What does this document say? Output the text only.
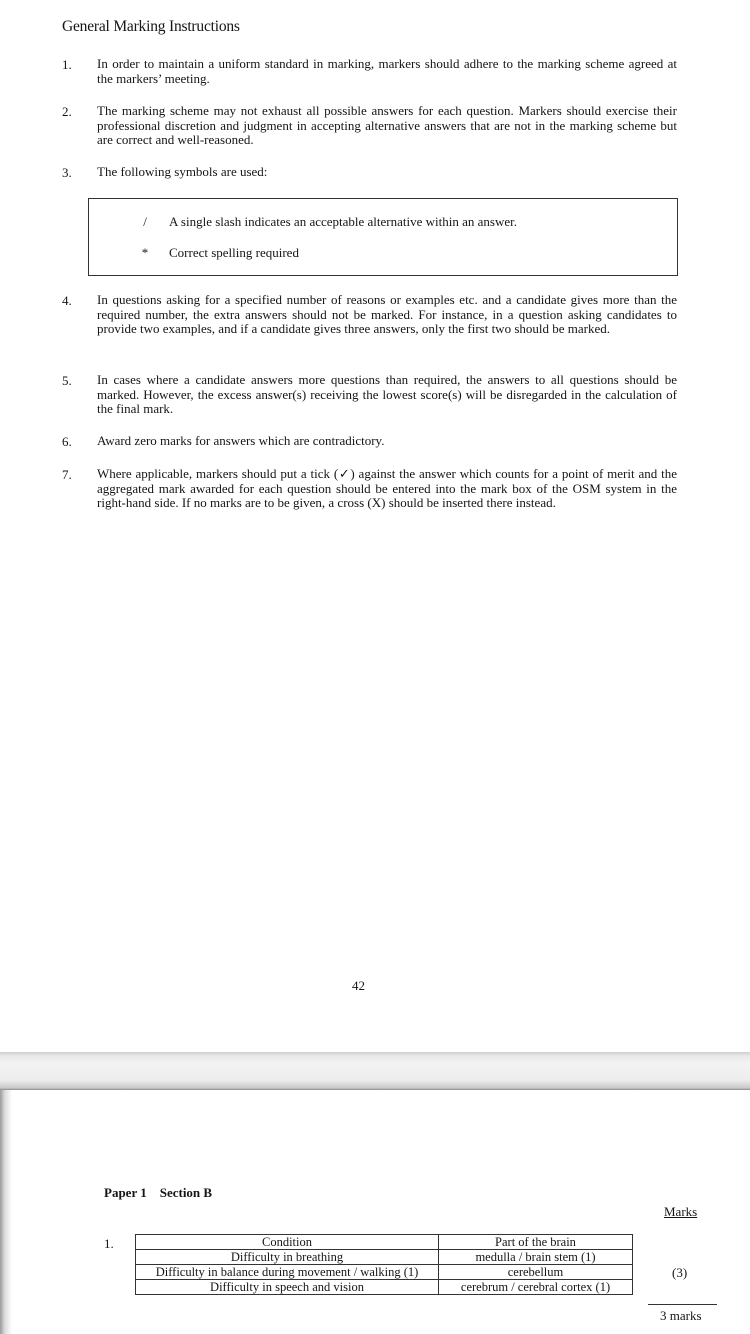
General Marking Instructions
1. In order to maintain a uniform standard in marking, markers should adhere to the marking scheme agreed at the markers’ meeting.
2. The marking scheme may not exhaust all possible answers for each question. Markers should exercise their professional discretion and judgment in accepting alternative answers that are not in the marking scheme but are correct and well-reasoned.
3. The following symbols are used:
/	A single slash indicates an acceptable alternative within an answer.
*	Correct spelling required
4. In questions asking for a specified number of reasons or examples etc. and a candidate gives more than the required number, the extra answers should not be marked. For instance, in a question asking candidates to provide two examples, and if a candidate gives three answers, only the first two should be marked.
5. In cases where a candidate answers more questions than required, the answers to all questions should be marked. However, the excess answer(s) receiving the lowest score(s) will be disregarded in the calculation of the final mark.
6. Award zero marks for answers which are contradictory.
7. Where applicable, markers should put a tick (✓) against the answer which counts for a point of merit and the aggregated mark awarded for each question should be entered into the mark box of the OSM system in the right-hand side. If no marks are to be given, a cross (X) should be inserted there instead.
42
Paper 1    Section B
Marks
1.	Condition	Part of the brain
Difficulty in breathing	medulla / brain stem (1)
Difficulty in balance during movement / walking (1)	cerebellum
Difficulty in speech and vision	cerebrum / cerebral cortex (1)
(3)
3 marks
